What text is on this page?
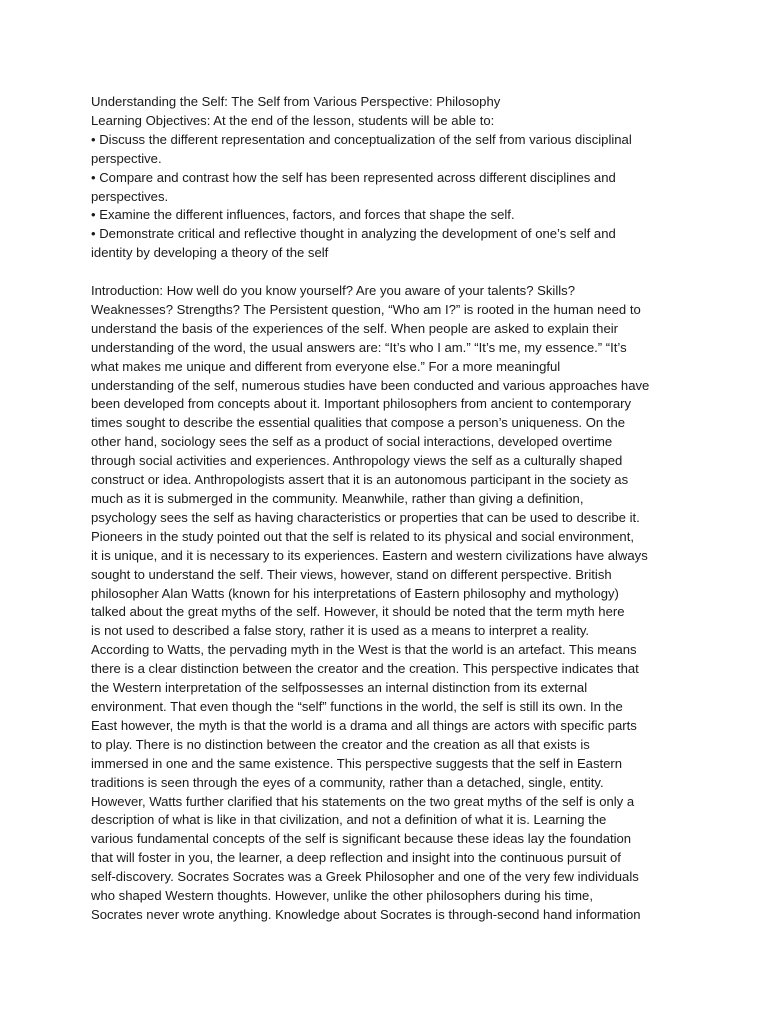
Understanding the Self: The Self from Various Perspective: Philosophy
Learning Objectives: At the end of the lesson, students will be able to:
• Discuss the different representation and conceptualization of the self from various disciplinal
perspective.
• Compare and contrast how the self has been represented across different disciplines and
perspectives.
• Examine the different influences, factors, and forces that shape the self.
• Demonstrate critical and reflective thought in analyzing the development of one’s self and
identity by developing a theory of the self
Introduction: How well do you know yourself? Are you aware of your talents? Skills?
Weaknesses? Strengths? The Persistent question, “Who am I?” is rooted in the human need to
understand the basis of the experiences of the self. When people are asked to explain their
understanding of the word, the usual answers are: “It’s who I am.” “It’s me, my essence.” “It’s
what makes me unique and different from everyone else.” For a more meaningful
understanding of the self, numerous studies have been conducted and various approaches have
been developed from concepts about it. Important philosophers from ancient to contemporary
times sought to describe the essential qualities that compose a person’s uniqueness. On the
other hand, sociology sees the self as a product of social interactions, developed overtime
through social activities and experiences. Anthropology views the self as a culturally shaped
construct or idea. Anthropologists assert that it is an autonomous participant in the society as
much as it is submerged in the community. Meanwhile, rather than giving a definition,
psychology sees the self as having characteristics or properties that can be used to describe it.
Pioneers in the study pointed out that the self is related to its physical and social environment,
it is unique, and it is necessary to its experiences. Eastern and western civilizations have always
sought to understand the self. Their views, however, stand on different perspective. British
philosopher Alan Watts (known for his interpretations of Eastern philosophy and mythology)
talked about the great myths of the self. However, it should be noted that the term myth here
is not used to described a false story, rather it is used as a means to interpret a reality.
According to Watts, the pervading myth in the West is that the world is an artefact. This means
there is a clear distinction between the creator and the creation. This perspective indicates that
the Western interpretation of the selfpossesses an internal distinction from its external
environment. That even though the “self” functions in the world, the self is still its own. In the
East however, the myth is that the world is a drama and all things are actors with specific parts
to play. There is no distinction between the creator and the creation as all that exists is
immersed in one and the same existence. This perspective suggests that the self in Eastern
traditions is seen through the eyes of a community, rather than a detached, single, entity.
However, Watts further clarified that his statements on the two great myths of the self is only a
description of what is like in that civilization, and not a definition of what it is. Learning the
various fundamental concepts of the self is significant because these ideas lay the foundation
that will foster in you, the learner, a deep reflection and insight into the continuous pursuit of
self-discovery. Socrates Socrates was a Greek Philosopher and one of the very few individuals
who shaped Western thoughts. However, unlike the other philosophers during his time,
Socrates never wrote anything. Knowledge about Socrates is through-second hand information
